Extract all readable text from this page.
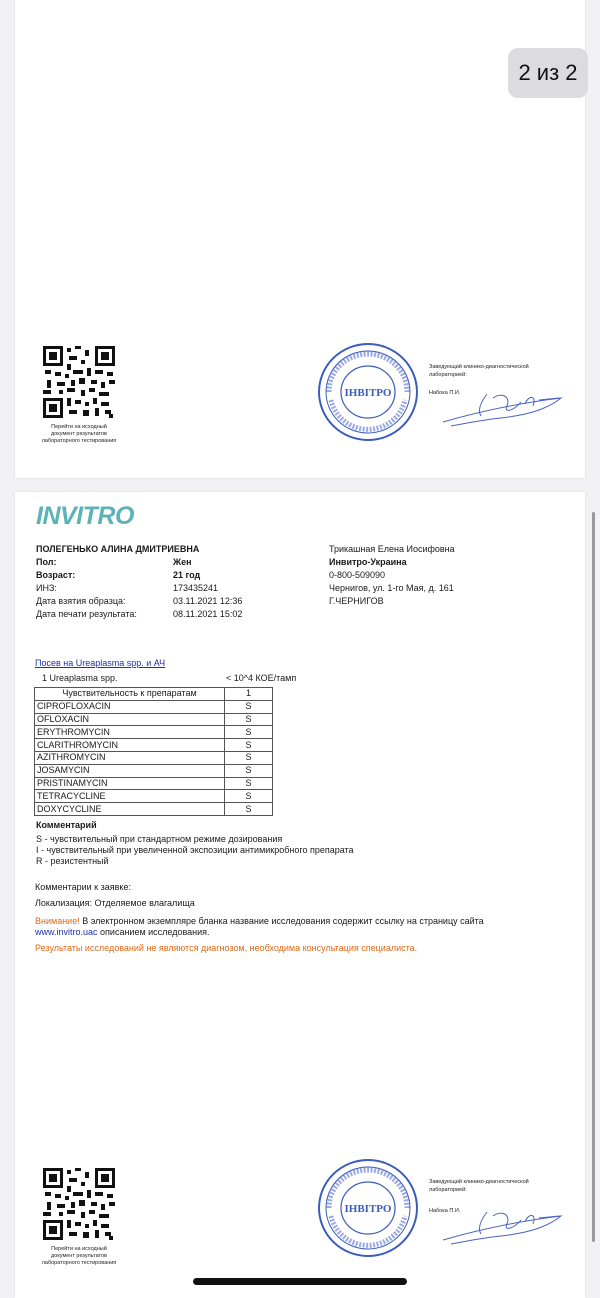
Перейти на исходный
документ результатов
лабораторного тестирования
ІНВІТРО
Заведующий клинико-диагностической
лабораторией:
Набока П.И.
2 из 2
INVITRO
ПОЛЕГЕНЬКО АЛИНА ДМИТРИЕВНА
Пол:	Жен
Возраст:	21 год
ИНЗ:	173435241
Дата взятия образца:	03.11.2021 12:36
Дата печати результата:	08.11.2021 15:02
Трикашная Елена Иосифовна
Инвитро-Украина
0-800-509090
Чернигов, ул. 1-го Мая, д. 161
Г.ЧЕРНИГОВ
Посев на Ureaplasma spp. и АЧ
1 Ureaplasma spp.	< 10^4 КОЕ/тамп
Чувствительность к препаратам	1
CIPROFLOXACIN	S
OFLOXACIN	S
ERYTHROMYCIN	S
CLARITHROMYCIN	S
AZITHROMYCIN	S
JOSAMYCIN	S
PRISTINAMYCIN	S
TETRACYCLINE	S
DOXYCYCLINE	S
Комментарий
S - чувствительный при стандартном режиме дозирования
I - чувствительный при увеличенной экспозиции антимикробного препарата
R - резистентный
Комментарии к заявке:
Локализация: Отделяемое влагалища
Внимание! В электронном экземпляре бланка название исследования содержит ссылку на страницу сайта
www.invitro.uac описанием исследования.
Результаты исследований не являются диагнозом, необходима консультация специалиста.
Перейти на исходный
документ результатов
лабораторного тестирования
ІНВІТРО
Заведующий клинико-диагностической
лабораторией:
Набока П.И.
